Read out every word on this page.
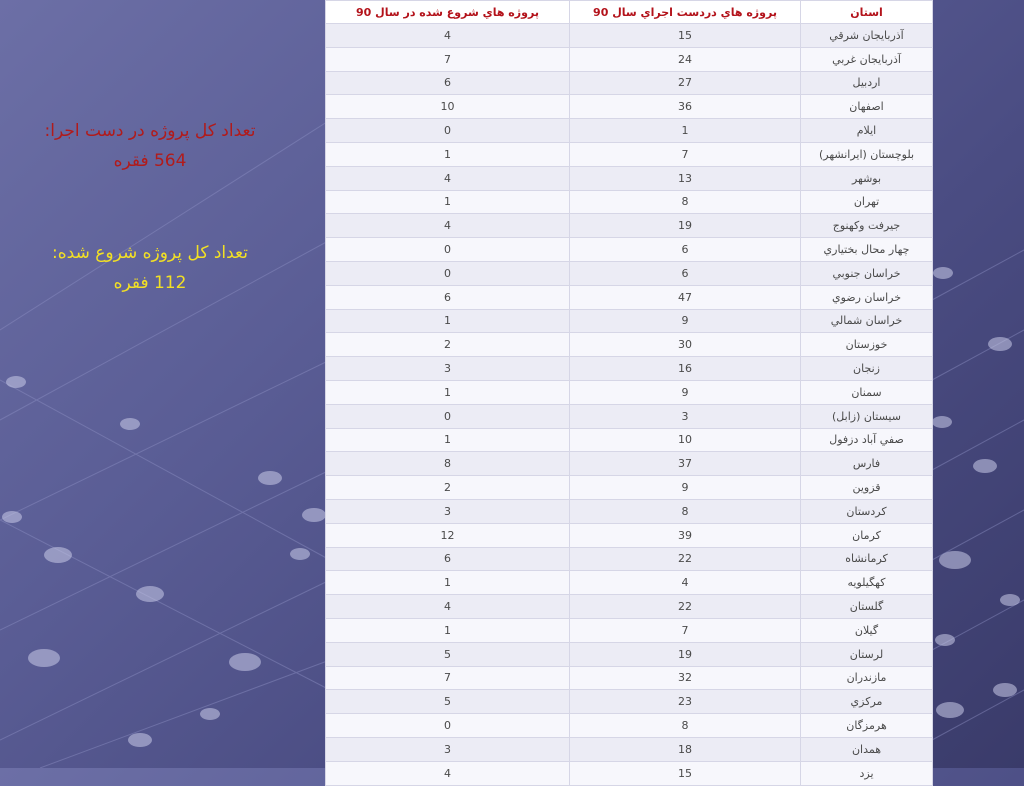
تعداد كل پروژه در دست اجرا:
564 فقره
تعداد كل پروژه شروع شده:
112 فقره
استان	پروژه هاي دردست اجراي سال 90	پروژه هاي شروع شده در سال 90
آذربايجان شرقي	15	4
آذربايجان غربي	24	7
اردبيل	27	6
اصفهان	36	10
ايلام	1	0
بلوچستان (ايرانشهر)	7	1
بوشهر	13	4
تهران	8	1
جيرفت وكهنوج	19	4
چهار محال بختياري	6	0
خراسان جنوبي	6	0
خراسان رضوي	47	6
خراسان شمالي	9	1
خوزستان	30	2
زنجان	16	3
سمنان	9	1
سيستان (زابل)	3	0
صفي آباد دزفول	10	1
فارس	37	8
قزوين	9	2
كردستان	8	3
كرمان	39	12
كرمانشاه	22	6
كهگيلويه	4	1
گلستان	22	4
گيلان	7	1
لرستان	19	5
مازندران	32	7
مركزي	23	5
هرمزگان	8	0
همدان	18	3
يزد	15	4
